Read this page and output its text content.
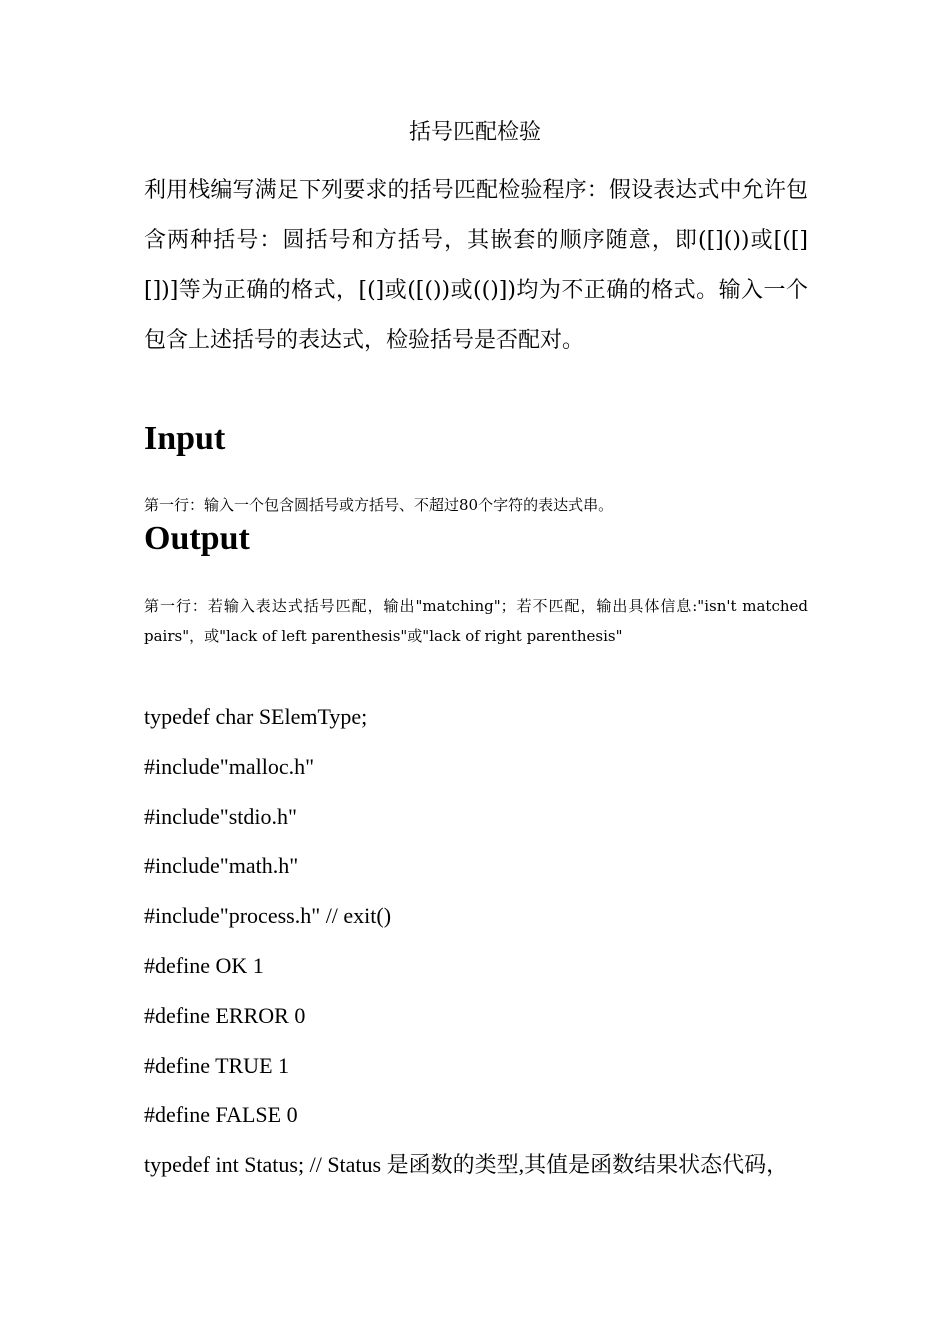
括号匹配检验

利用栈编写满足下列要求的括号匹配检验程序：假设表达式中允许包含两种括号：圆括号和方括号，其嵌套的顺序随意，即([]())或[([][])]等为正确的格式，[(]或([())或(()])均为不正确的格式。输入一个包含上述括号的表达式，检验括号是否配对。

Input

第一行：输入一个包含圆括号或方括号、不超过80个字符的表达式串。

Output

第一行：若输入表达式括号匹配，输出"matching"；若不匹配，输出具体信息:"isn't matched pairs"，或"lack of left parenthesis"或"lack of right parenthesis"

typedef char SElemType;
#include"malloc.h"
#include"stdio.h"
#include"math.h"
#include"process.h" // exit()
#define OK 1
#define ERROR 0
#define TRUE 1
#define FALSE 0
typedef int Status; // Status 是函数的类型,其值是函数结果状态代码，
